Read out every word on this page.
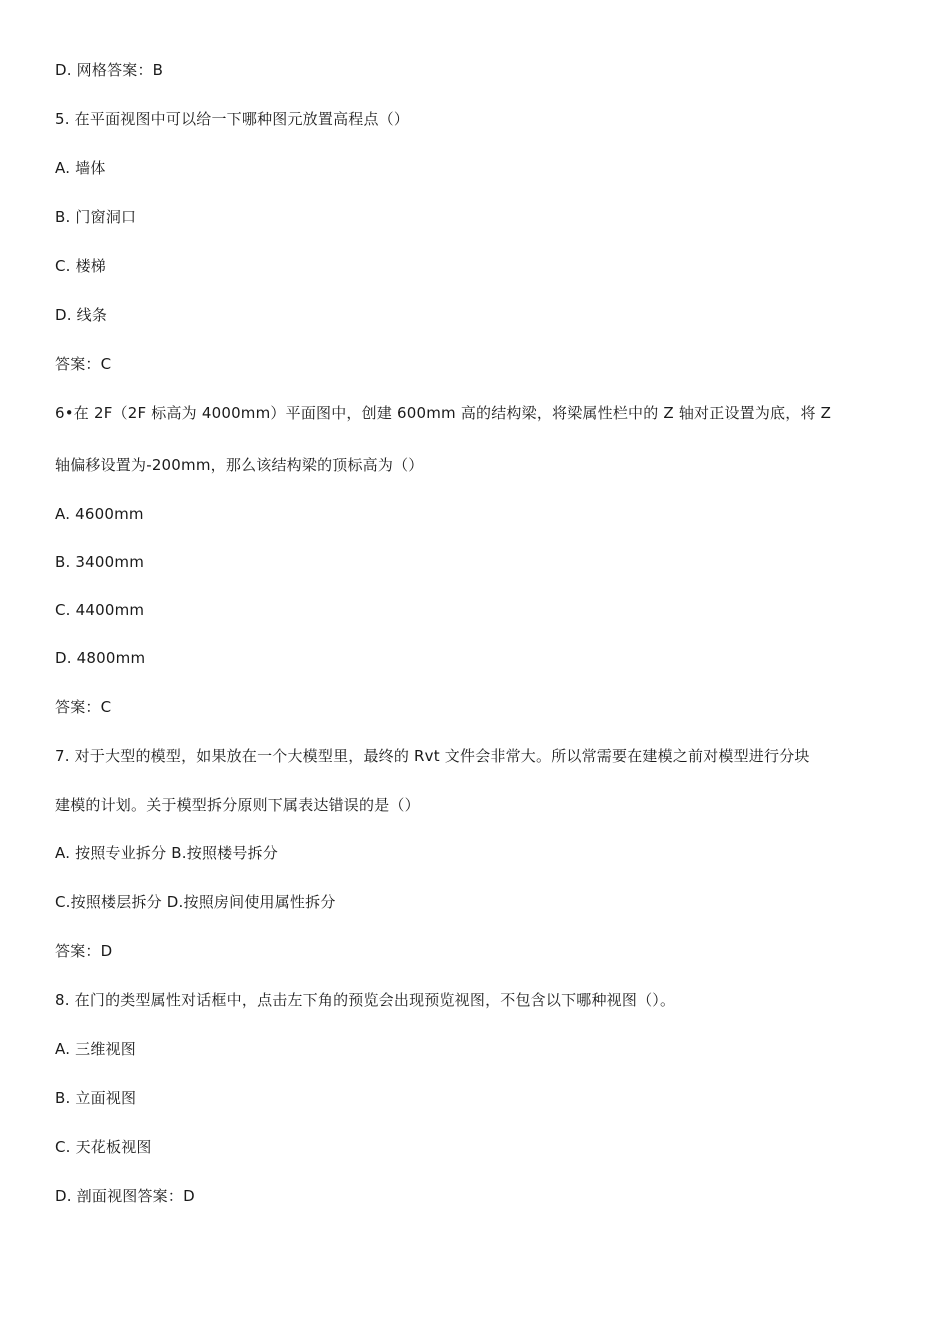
D. 网格答案：B
5. 在平面视图中可以给一下哪种图元放置高程点（）
A. 墙体
B. 门窗洞口
C. 楼梯
D. 线条
答案：C
6•在 2F（2F 标高为 4000mm）平面图中，创建 600mm 高的结构梁，将梁属性栏中的 Z 轴对正设置为底，将 Z
轴偏移设置为-200mm，那么该结构梁的顶标高为（）
A. 4600mm
B. 3400mm
C. 4400mm
D. 4800mm
答案：C
7. 对于大型的模型，如果放在一个大模型里，最终的 Rvt 文件会非常大。所以常需要在建模之前对模型进行分块
建模的计划。关于模型拆分原则下属表达错误的是（）
A. 按照专业拆分 B.按照楼号拆分
C.按照楼层拆分 D.按照房间使用属性拆分
答案：D
8. 在门的类型属性对话框中，点击左下角的预览会出现预览视图，不包含以下哪种视图（）。
A. 三维视图
B. 立面视图
C. 天花板视图
D. 剖面视图答案：D
